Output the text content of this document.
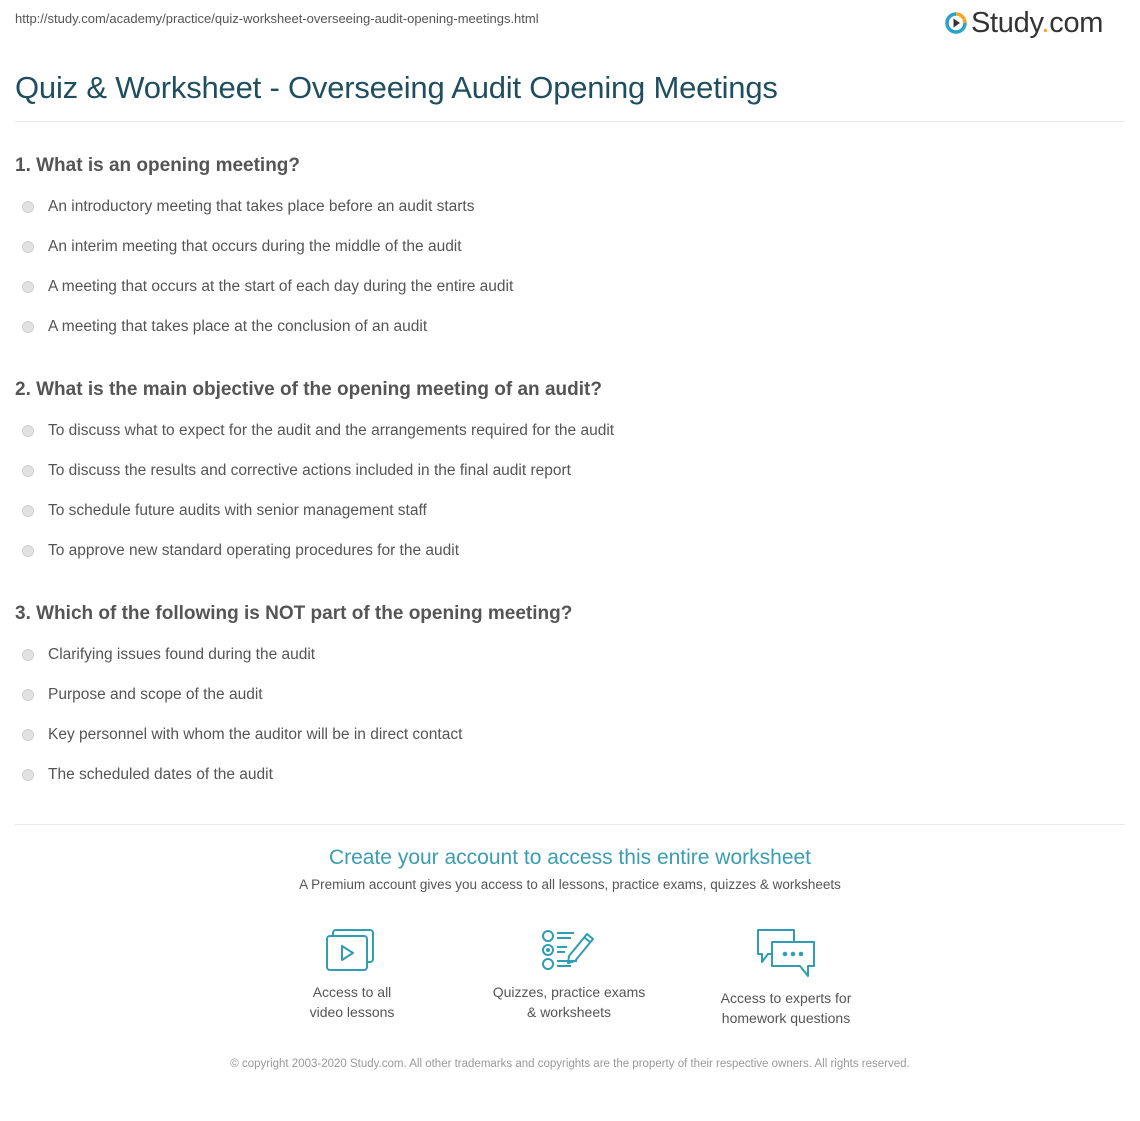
http://study.com/academy/practice/quiz-worksheet-overseeing-audit-opening-meetings.html	Study.com
Quiz & Worksheet - Overseeing Audit Opening Meetings
1. What is an opening meeting?
An introductory meeting that takes place before an audit starts
An interim meeting that occurs during the middle of the audit
A meeting that occurs at the start of each day during the entire audit
A meeting that takes place at the conclusion of an audit
2. What is the main objective of the opening meeting of an audit?
To discuss what to expect for the audit and the arrangements required for the audit
To discuss the results and corrective actions included in the final audit report
To schedule future audits with senior management staff
To approve new standard operating procedures for the audit
3. Which of the following is NOT part of the opening meeting?
Clarifying issues found during the audit
Purpose and scope of the audit
Key personnel with whom the auditor will be in direct contact
The scheduled dates of the audit
Create your account to access this entire worksheet
A Premium account gives you access to all lessons, practice exams, quizzes & worksheets
Access to all
video lessons
Quizzes, practice exams
& worksheets
Access to experts for
homework questions
© copyright 2003-2020 Study.com. All other trademarks and copyrights are the property of their respective owners. All rights reserved.
